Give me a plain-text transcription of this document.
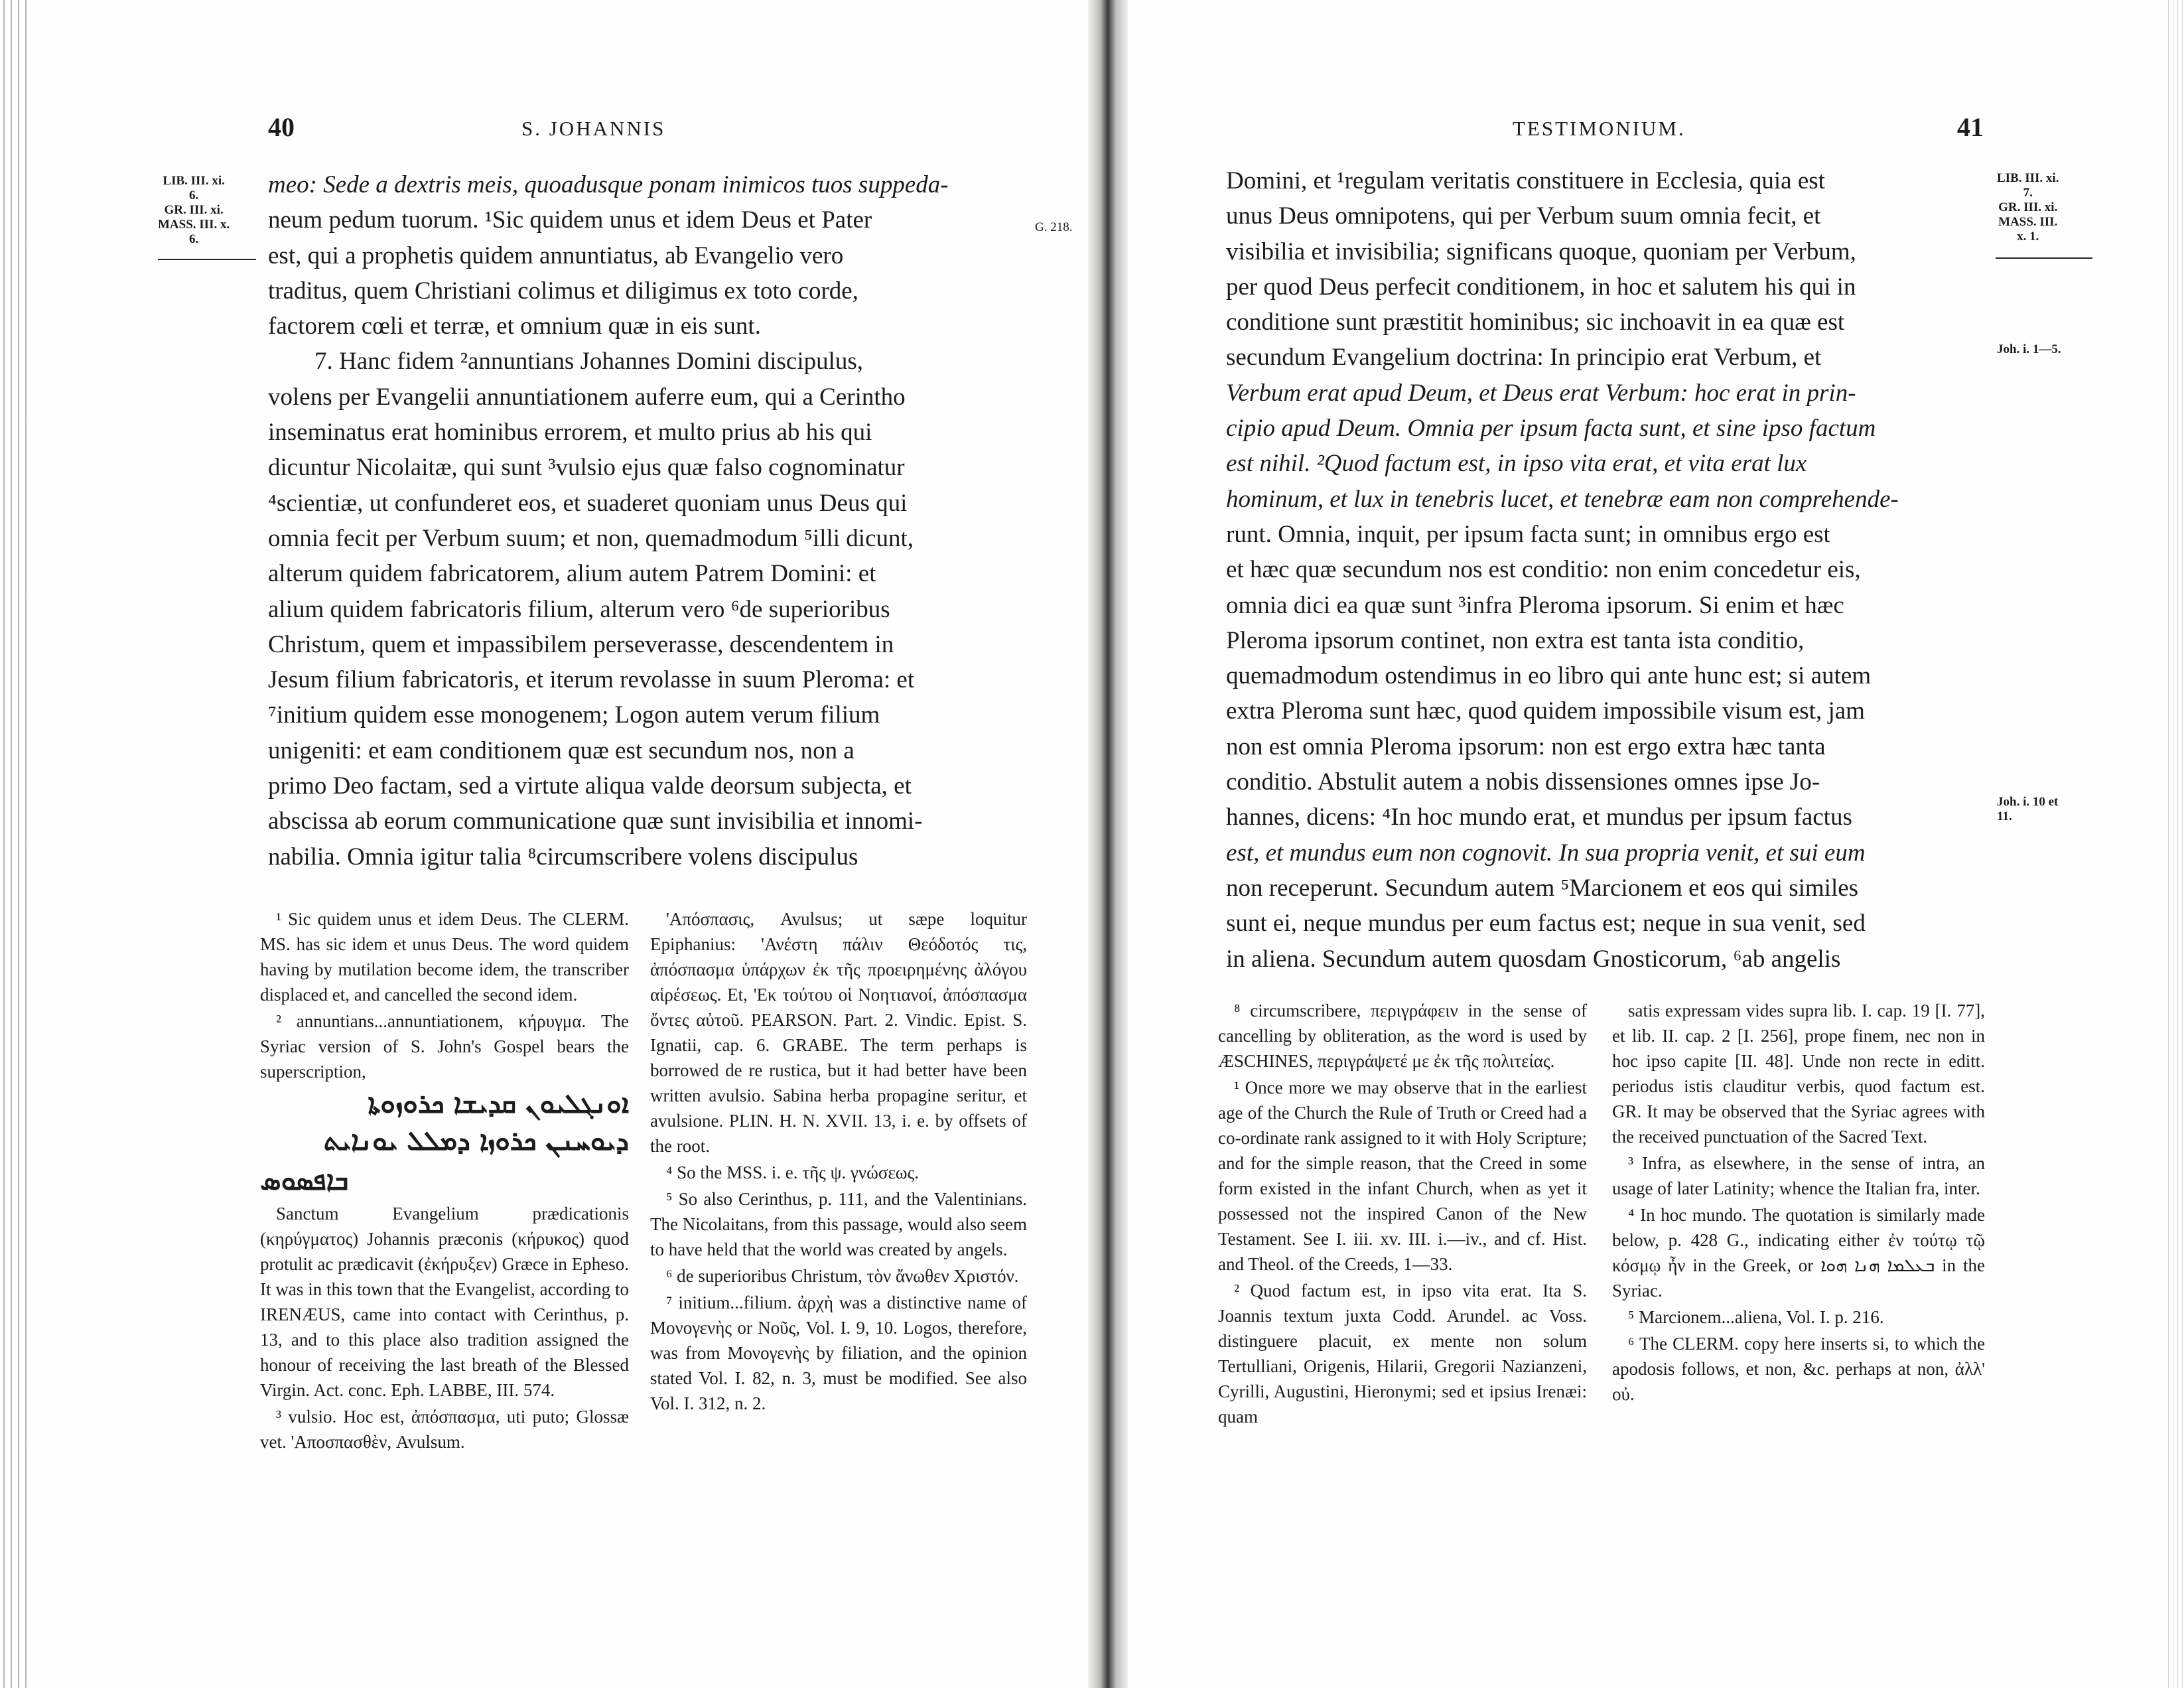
40	S. JOHANNIS
LIB. III. xi.
6.
GR. III. xi.
MASS. III. x.
6.
G. 218.
meo: Sede a dextris meis, quoadusque ponam inimicos tuos suppeda-
neum pedum tuorum. ¹Sic quidem unus et idem Deus et Pater
est, qui a prophetis quidem annuntiatus, ab Evangelio vero
traditus, quem Christiani colimus et diligimus ex toto corde,
factorem cœli et terræ, et omnium quæ in eis sunt.
7. Hanc fidem ²annuntians Johannes Domini discipulus,
volens per Evangelii annuntiationem auferre eum, qui a Cerintho
inseminatus erat hominibus errorem, et multo prius ab his qui
dicuntur Nicolaitæ, qui sunt ³vulsio ejus quæ falso cognominatur
⁴scientiæ, ut confunderet eos, et suaderet quoniam unus Deus qui
omnia fecit per Verbum suum; et non, quemadmodum ⁵illi dicunt,
alterum quidem fabricatorem, alium autem Patrem Domini: et
alium quidem fabricatoris filium, alterum vero ⁶de superioribus
Christum, quem et impassibilem perseverasse, descendentem in
Jesum filium fabricatoris, et iterum revolasse in suum Pleroma: et
⁷initium quidem esse monogenem; Logon autem verum filium
unigeniti: et eam conditionem quæ est secundum nos, non a
primo Deo factam, sed a virtute aliqua valde deorsum subjecta, et
abscissa ab eorum communicatione quæ sunt invisibilia et innomi-
nabilia. Omnia igitur talia ⁸circumscribere volens discipulus

¹ Sic quidem unus et idem Deus. The CLERM. MS. has sic idem et unus Deus. The word quidem having by mutilation become idem, the transcriber displaced et, and cancelled the second idem.

² annuntians...annuntiationem, κήρυγμα. The Syriac version of S. John's Gospel bears the superscription,

ܐܘܢܓܠܝܘܢ ܩܕܝܫܐ ܟܪܘܙܘܬܐ
ܕܝܘܚܢܢ ܟܪܘܙܐ ܕܡܠܠ ܝܘܢܐܝܬ
ܒܐܦܣܘܣ

Sanctum Evangelium prædicationis (κηρύγματος) Johannis præconis (κήρυκος) quod protulit ac prædicavit (ἐκήρυξεν) Græce in Epheso. It was in this town that the Evangelist, according to IRENÆUS, came into contact with Cerinthus, p. 13, and to this place also tradition assigned the honour of receiving the last breath of the Blessed Virgin. Act. conc. Eph. LABBE, III. 574.

³ vulsio. Hoc est, ἀπόσπασμα, uti puto; Glossæ vet. 'Αποσπασθὲν, Avulsum.

'Απόσπασις, Avulsus; ut sæpe loquitur Epiphanius: 'Ανέστη πάλιν Θεόδοτός τις, ἀπόσπασμα ὑπάρχων ἐκ τῆς προειρημένης ἀλόγου αἱρέσεως. Et, 'Εκ τούτου οἱ Νοητιανοί, ἀπόσπασμα ὄντες αὐτοῦ. PEARSON. Part. 2. Vindic. Epist. S. Ignatii, cap. 6. GRABE. The term perhaps is borrowed de re rustica, but it had better have been written avulsio. Sabina herba propagine seritur, et avulsione. PLIN. H. N. XVII. 13, i. e. by offsets of the root.

⁴ So the MSS. i. e. τῆς ψ. γνώσεως.

⁵ So also Cerinthus, p. 111, and the Valentinians. The Nicolaitans, from this passage, would also seem to have held that the world was created by angels.

⁶ de superioribus Christum, τὸν ἄνωθεν Χριστόν.

⁷ initium...filium. ἀρχὴ was a distinctive name of Μονογενὴς or Νοῦς, Vol. I. 9, 10. Logos, therefore, was from Μονογενὴς by filiation, and the opinion stated Vol. I. 82, n. 3, must be modified. See also Vol. I. 312, n. 2.

TESTIMONIUM.	41
LIB. III. xi.
7.
GR. III. xi.
MASS. III.
x. 1.
Joh. i. 1—5.
Joh. i. 10 et
11.
Domini, et ¹regulam veritatis constituere in Ecclesia, quia est
unus Deus omnipotens, qui per Verbum suum omnia fecit, et
visibilia et invisibilia; significans quoque, quoniam per Verbum,
per quod Deus perfecit conditionem, in hoc et salutem his qui in
conditione sunt præstitit hominibus; sic inchoavit in ea quæ est
secundum Evangelium doctrina: In principio erat Verbum, et
Verbum erat apud Deum, et Deus erat Verbum: hoc erat in prin-
cipio apud Deum. Omnia per ipsum facta sunt, et sine ipso factum
est nihil. ²Quod factum est, in ipso vita erat, et vita erat lux
hominum, et lux in tenebris lucet, et tenebræ eam non comprehende-
runt. Omnia, inquit, per ipsum facta sunt; in omnibus ergo est
et hæc quæ secundum nos est conditio: non enim concedetur eis,
omnia dici ea quæ sunt ³infra Pleroma ipsorum. Si enim et hæc
Pleroma ipsorum continet, non extra est tanta ista conditio,
quemadmodum ostendimus in eo libro qui ante hunc est; si autem
extra Pleroma sunt hæc, quod quidem impossibile visum est, jam
non est omnia Pleroma ipsorum: non est ergo extra hæc tanta
conditio. Abstulit autem a nobis dissensiones omnes ipse Jo-
hannes, dicens: ⁴In hoc mundo erat, et mundus per ipsum factus
est, et mundus eum non cognovit. In sua propria venit, et sui eum
non receperunt. Secundum autem ⁵Marcionem et eos qui similes
sunt ei, neque mundus per eum factus est; neque in sua venit, sed
in aliena. Secundum autem quosdam Gnosticorum, ⁶ab angelis

⁸ circumscribere, περιγράφειν in the sense of cancelling by obliteration, as the word is used by ÆSCHINES, περιγράψετέ με ἐκ τῆς πολιτείας.

¹ Once more we may observe that in the earliest age of the Church the Rule of Truth or Creed had a co-ordinate rank assigned to it with Holy Scripture; and for the simple reason, that the Creed in some form existed in the infant Church, when as yet it possessed not the inspired Canon of the New Testament. See I. iii. xv. III. i.—iv., and cf. Hist. and Theol. of the Creeds, 1—33.

² Quod factum est, in ipso vita erat. Ita S. Joannis textum juxta Codd. Arundel. ac Voss. distinguere placuit, ex mente non solum Tertulliani, Origenis, Hilarii, Gregorii Nazianzeni, Cyrilli, Augustini, Hieronymi; sed et ipsius Irenæi: quam

satis expressam vides supra lib. I. cap. 19 [I. 77], et lib. II. cap. 2 [I. 256], prope finem, nec non in hoc ipso capite [II. 48]. Unde non recte in editt. periodus istis clauditur verbis, quod factum est. GR. It may be observed that the Syriac agrees with the received punctuation of the Sacred Text.

³ Infra, as elsewhere, in the sense of intra, an usage of later Latinity; whence the Italian fra, inter.

⁴ In hoc mundo. The quotation is similarly made below, p. 428 G., indicating either ἐν τούτῳ τῷ κόσμῳ ἦν in the Greek, or ܒܥܠܡܐ ܗܢܐ ܗܘܐ in the Syriac.

⁵ Marcionem...aliena, Vol. I. p. 216.

⁶ The CLERM. copy here inserts si, to which the apodosis follows, et non, &c. perhaps at non, ἀλλ' οὐ.
